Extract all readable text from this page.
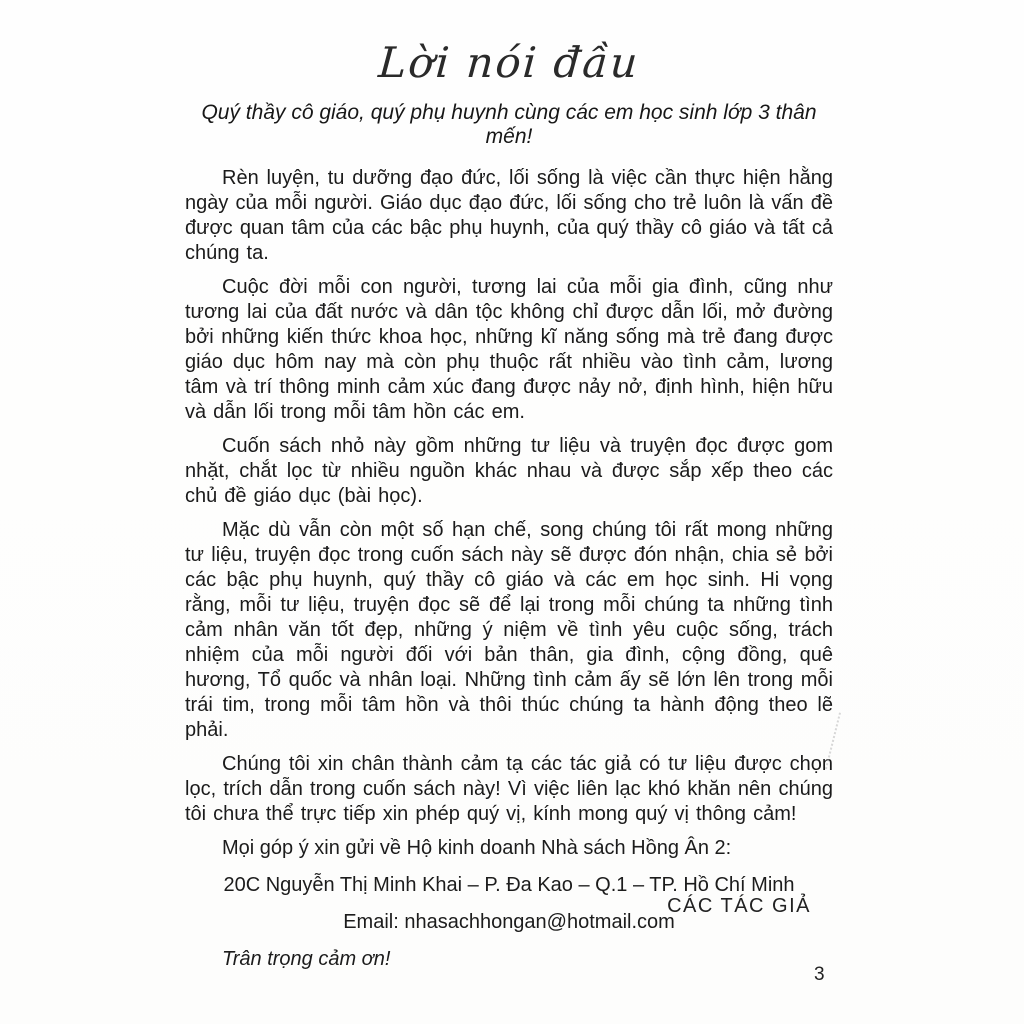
Lời nói đầu

Quý thầy cô giáo, quý phụ huynh cùng các em học sinh lớp 3 thân mến!

Rèn luyện, tu dưỡng đạo đức, lối sống là việc cần thực hiện hằng ngày của mỗi người. Giáo dục đạo đức, lối sống cho trẻ luôn là vấn đề được quan tâm của các bậc phụ huynh, của quý thầy cô giáo và tất cả chúng ta.

Cuộc đời mỗi con người, tương lai của mỗi gia đình, cũng như tương lai của đất nước và dân tộc không chỉ được dẫn lối, mở đường bởi những kiến thức khoa học, những kĩ năng sống mà trẻ đang được giáo dục hôm nay mà còn phụ thuộc rất nhiều vào tình cảm, lương tâm và trí thông minh cảm xúc đang được nảy nở, định hình, hiện hữu và dẫn lối trong mỗi tâm hồn các em.

Cuốn sách nhỏ này gồm những tư liệu và truyện đọc được gom nhặt, chắt lọc từ nhiều nguồn khác nhau và được sắp xếp theo các chủ đề giáo dục (bài học).

Mặc dù vẫn còn một số hạn chế, song chúng tôi rất mong những tư liệu, truyện đọc trong cuốn sách này sẽ được đón nhận, chia sẻ bởi các bậc phụ huynh, quý thầy cô giáo và các em học sinh. Hi vọng rằng, mỗi tư liệu, truyện đọc sẽ để lại trong mỗi chúng ta những tình cảm nhân văn tốt đẹp, những ý niệm về tình yêu cuộc sống, trách nhiệm của mỗi người đối với bản thân, gia đình, cộng đồng, quê hương, Tổ quốc và nhân loại. Những tình cảm ấy sẽ lớn lên trong mỗi trái tim, trong mỗi tâm hồn và thôi thúc chúng ta hành động theo lẽ phải.

Chúng tôi xin chân thành cảm tạ các tác giả có tư liệu được chọn lọc, trích dẫn trong cuốn sách này! Vì việc liên lạc khó khăn nên chúng tôi chưa thể trực tiếp xin phép quý vị, kính mong quý vị thông cảm!

Mọi góp ý xin gửi về Hộ kinh doanh Nhà sách Hồng Ân 2:

20C Nguyễn Thị Minh Khai – P. Đa Kao – Q.1 – TP. Hồ Chí Minh

Email: nhasachhongan@hotmail.com

Trân trọng cảm ơn!

CÁC TÁC GIẢ
3
